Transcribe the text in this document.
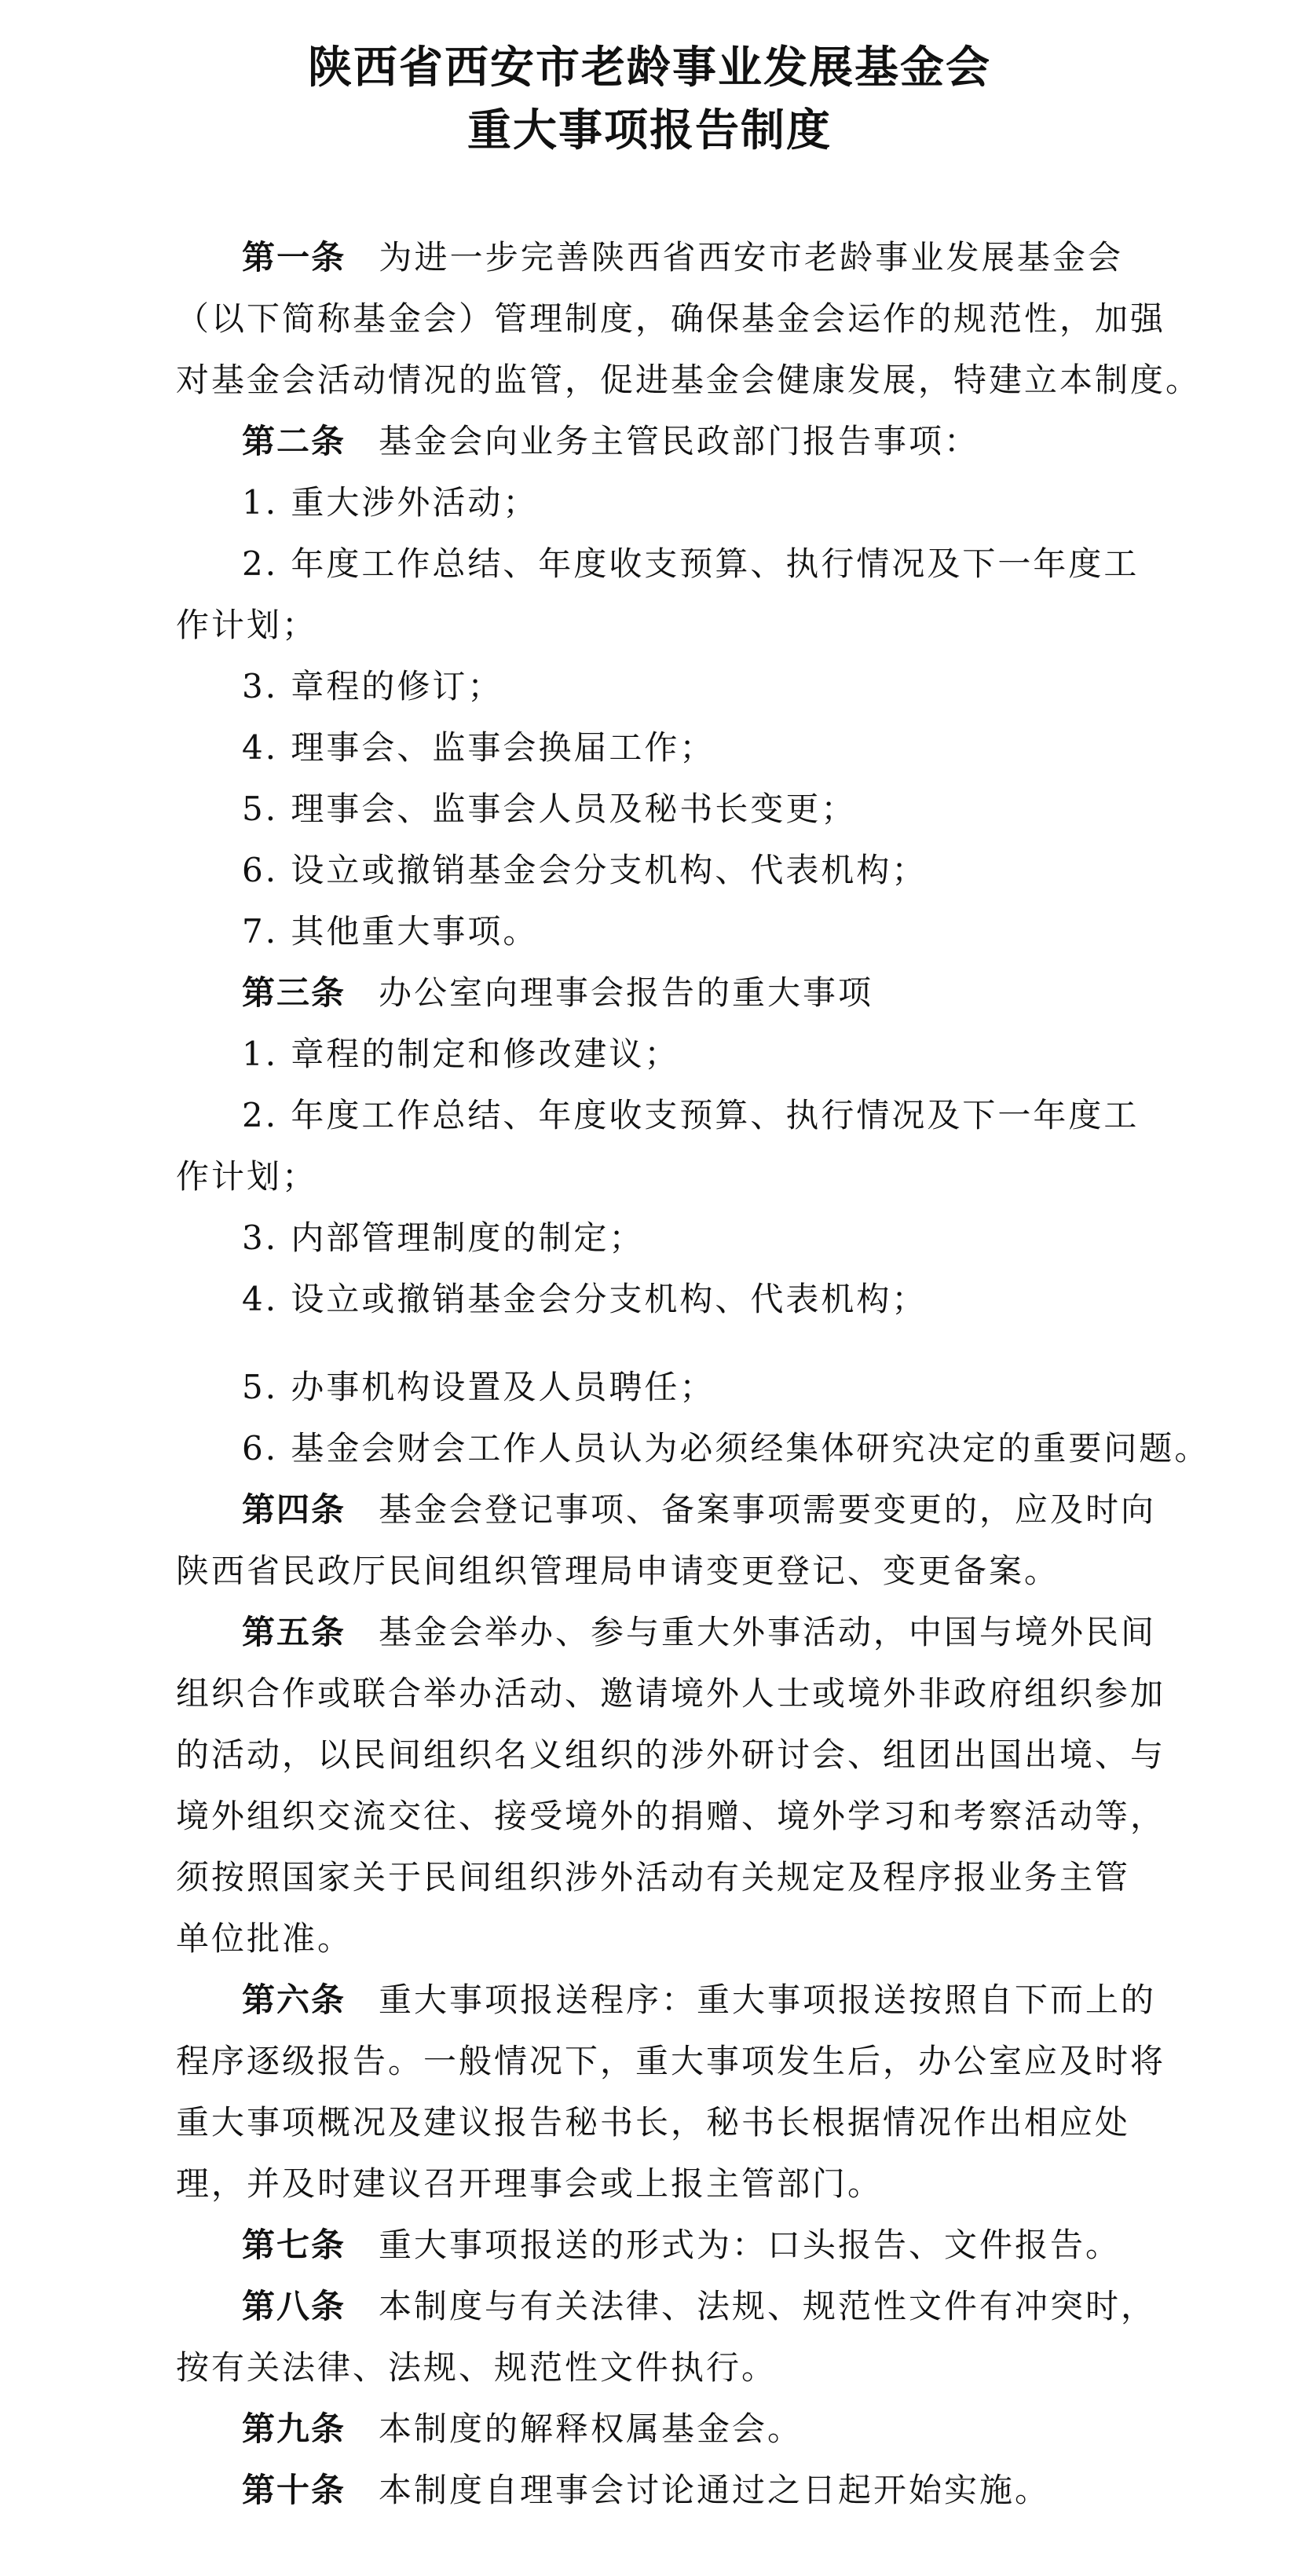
陕西省西安市老龄事业发展基金会
重大事项报告制度
第一条 为进一步完善陕西省西安市老龄事业发展基金会
（以下简称基金会）管理制度，确保基金会运作的规范性，加强
对基金会活动情况的监管，促进基金会健康发展，特建立本制度。
第二条 基金会向业务主管民政部门报告事项：
1. 重大涉外活动；
2. 年度工作总结、年度收支预算、执行情况及下一年度工
作计划；
3. 章程的修订；
4. 理事会、监事会换届工作；
5. 理事会、监事会人员及秘书长变更；
6. 设立或撤销基金会分支机构、代表机构；
7. 其他重大事项。
第三条 办公室向理事会报告的重大事项
1. 章程的制定和修改建议；
2. 年度工作总结、年度收支预算、执行情况及下一年度工
作计划；
3. 内部管理制度的制定；
4. 设立或撤销基金会分支机构、代表机构；
5. 办事机构设置及人员聘任；
6. 基金会财会工作人员认为必须经集体研究决定的重要问题。
第四条 基金会登记事项、备案事项需要变更的，应及时向
陕西省民政厅民间组织管理局申请变更登记、变更备案。
第五条 基金会举办、参与重大外事活动，中国与境外民间
组织合作或联合举办活动、邀请境外人士或境外非政府组织参加
的活动，以民间组织名义组织的涉外研讨会、组团出国出境、与
境外组织交流交往、接受境外的捐赠、境外学习和考察活动等，
须按照国家关于民间组织涉外活动有关规定及程序报业务主管
单位批准。
第六条 重大事项报送程序：重大事项报送按照自下而上的
程序逐级报告。一般情况下，重大事项发生后，办公室应及时将
重大事项概况及建议报告秘书长，秘书长根据情况作出相应处
理，并及时建议召开理事会或上报主管部门。
第七条 重大事项报送的形式为：口头报告、文件报告。
第八条 本制度与有关法律、法规、规范性文件有冲突时，
按有关法律、法规、规范性文件执行。
第九条 本制度的解释权属基金会。
第十条 本制度自理事会讨论通过之日起开始实施。
